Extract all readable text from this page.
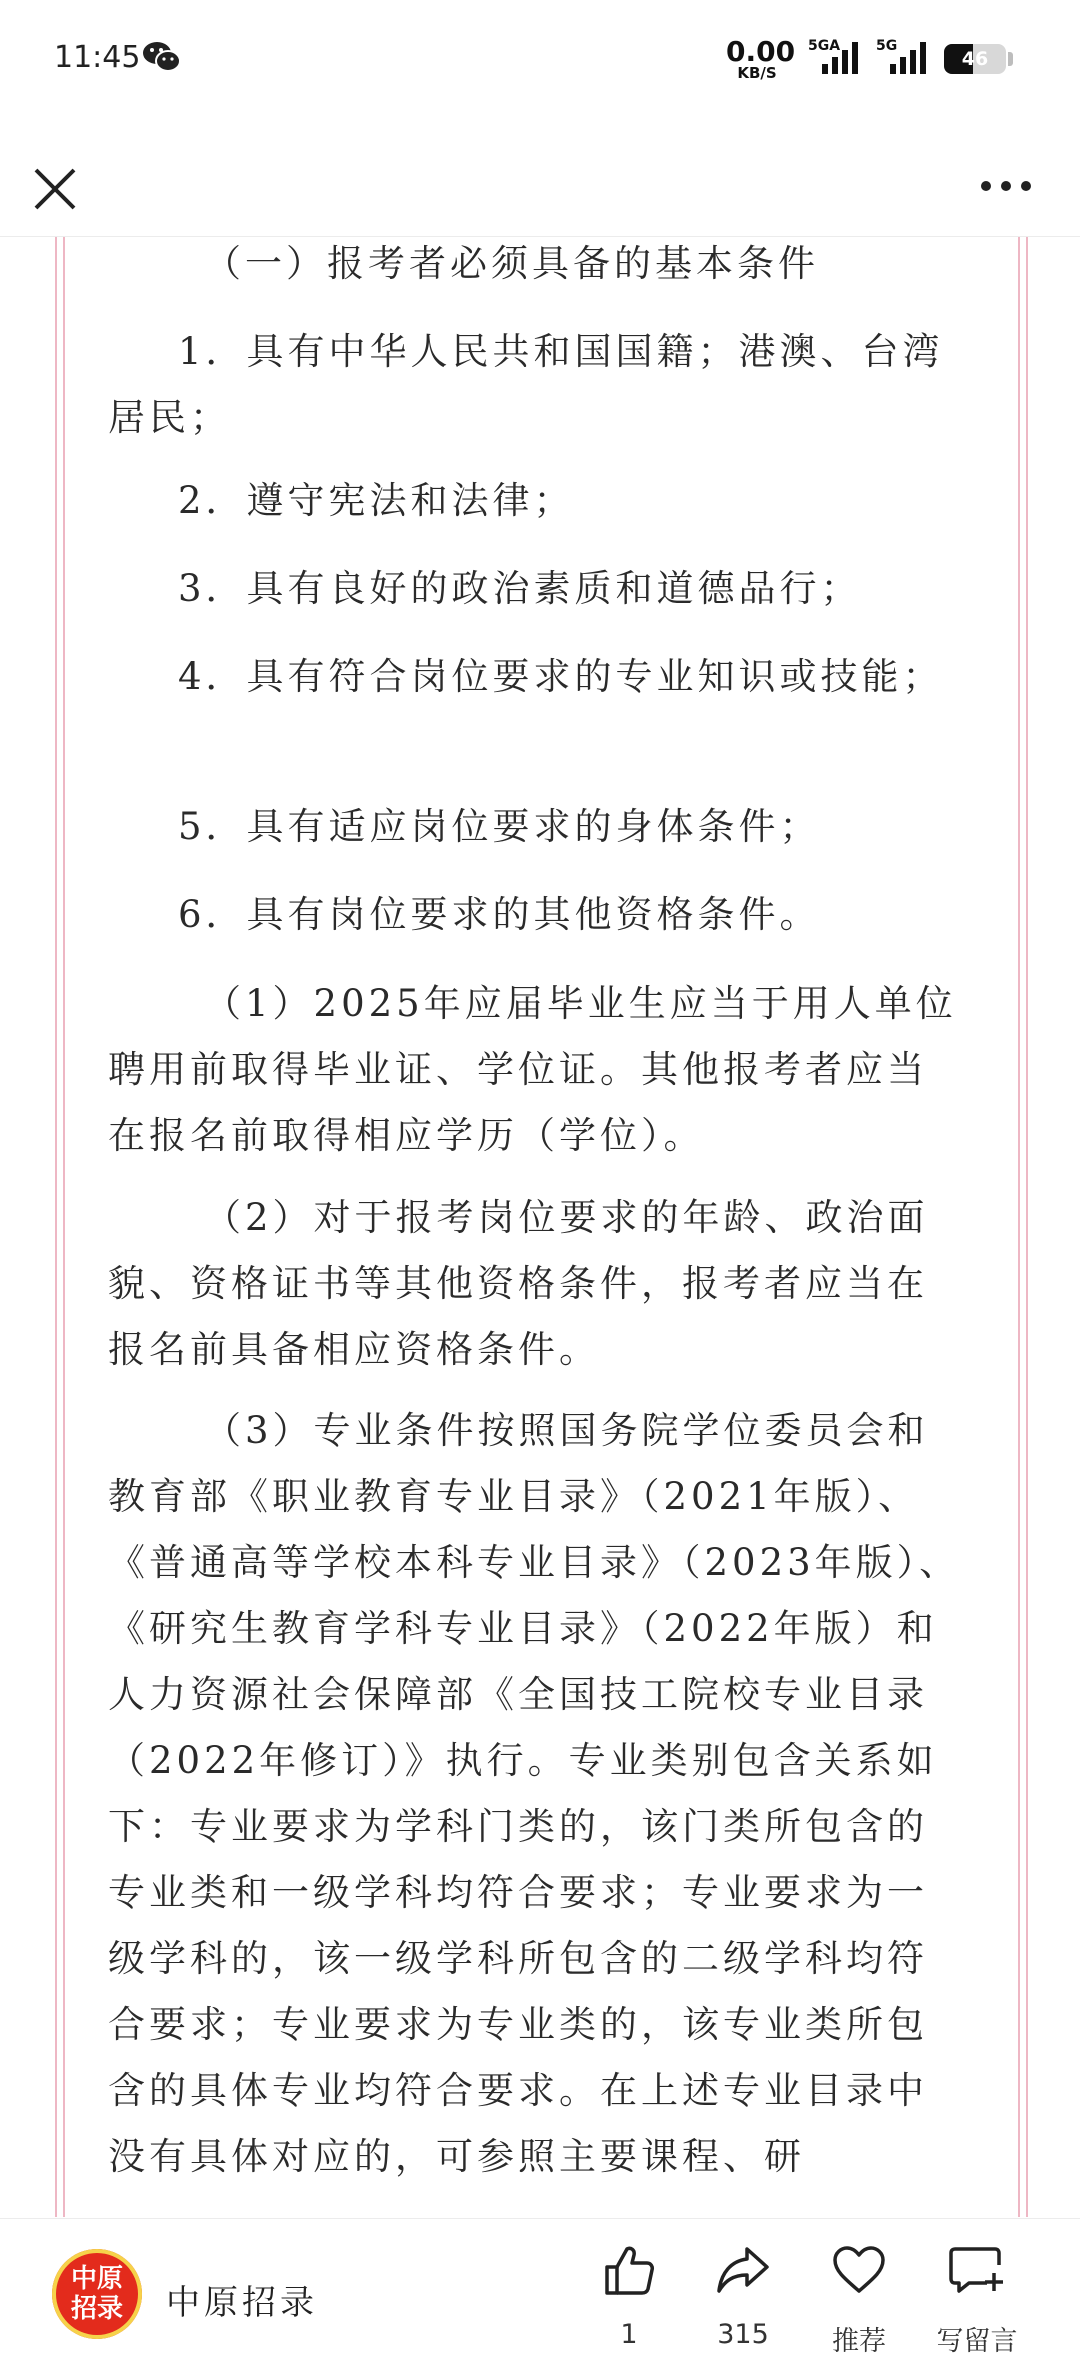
11:45	0.00
KB/S
5GA	5G
46

（一）报考者必须具备的基本条件

1．具有中华人民共和国国籍；港澳、台湾居民；

2．遵守宪法和法律；

3．具有良好的政治素质和道德品行；

4．具有符合岗位要求的专业知识或技能；

5．具有适应岗位要求的身体条件；

6．具有岗位要求的其他资格条件。

（1）2025年应届毕业生应当于用人单位聘用前取得毕业证、学位证。其他报考者应当在报名前取得相应学历（学位）。

（2）对于报考岗位要求的年龄、政治面貌、资格证书等其他资格条件，报考者应当在报名前具备相应资格条件。

（3）专业条件按照国务院学位委员会和教育部《职业教育专业目录》（2021年版）、《普通高等学校本科专业目录》（2023年版）、《研究生教育学科专业目录》（2022年版）和人力资源社会保障部《全国技工院校专业目录（2022年修订）》执行。专业类别包含关系如下：专业要求为学科门类的，该门类所包含的专业类和一级学科均符合要求；专业要求为一级学科的，该一级学科所包含的二级学科均符合要求；专业要求为专业类的，该专业类所包含的具体专业均符合要求。在上述专业目录中没有具体对应的，可参照主要课程、研

中原
招录	中原招录
1	315	推荐	写留言
